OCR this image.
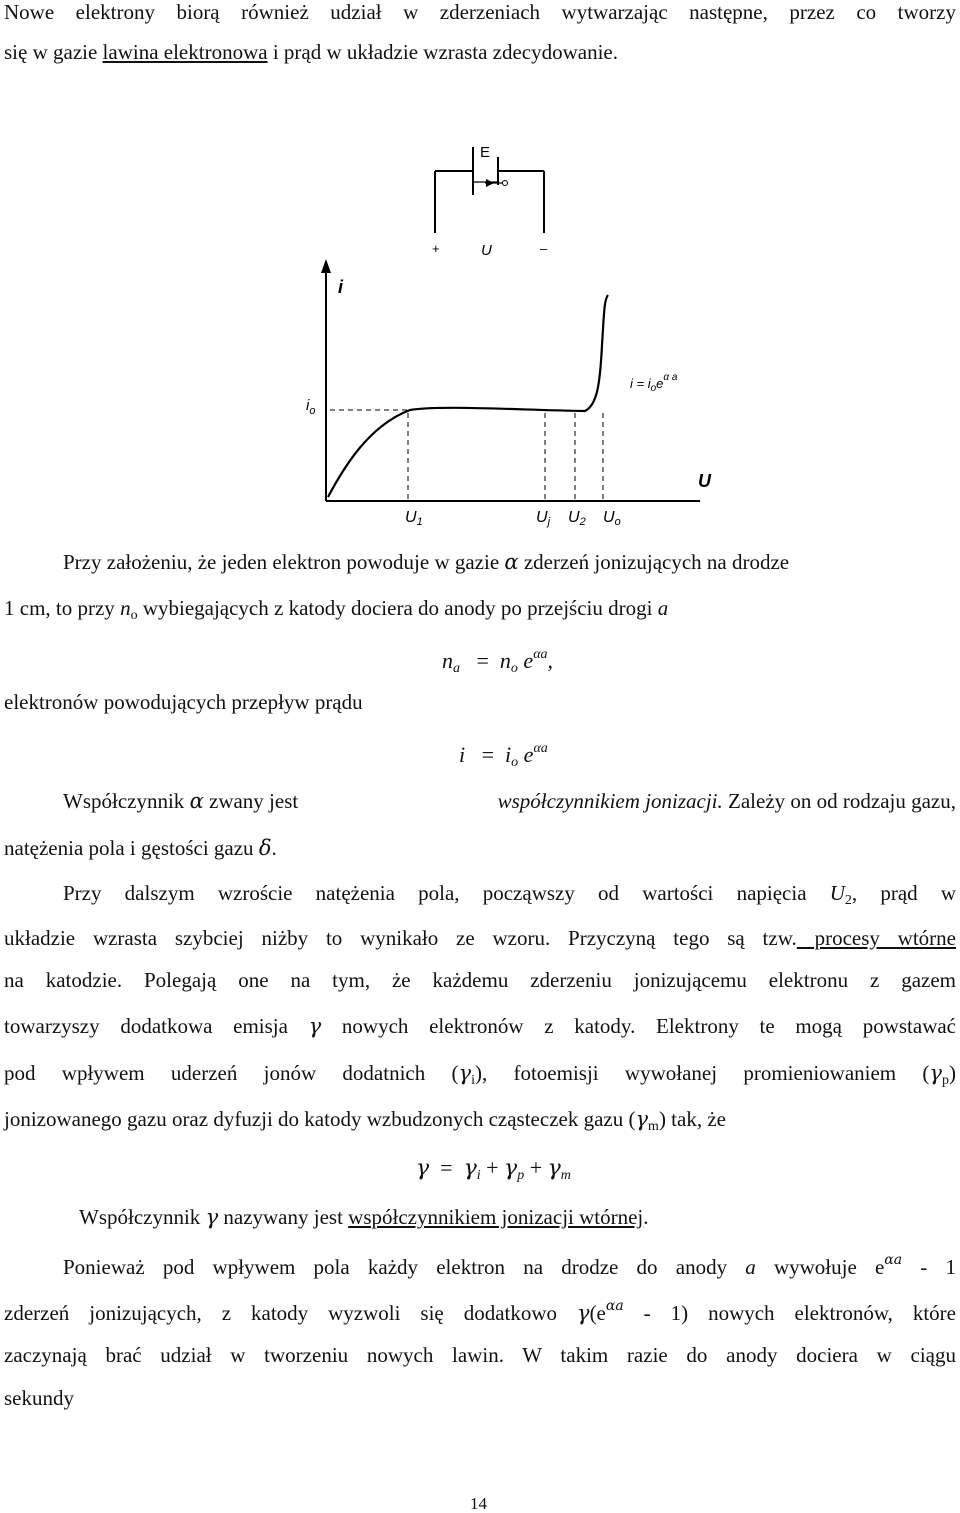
Nowe elektrony biorą również udział w zderzeniach wytwarzając następne, przez co tworzy
się w gazie lawina elektronowa i prąd w układzie wzrasta zdecydowanie.
E
+	U	–
i
U
$i_o$
$i = i_oe^{\alpha a}$
U1	Uj U2 Uo
Przy założeniu, że jeden elektron powoduje w gazie α zderzeń jonizujących na drodze
1 cm, to przy $n_o$ wybiegających z katody dociera do anody po przejściu drogi a
$n_a = n_o$ $e^{\alpha a}$,
elektronów powodujących przepływ prądu
$i = i_o$ $e^{\alpha a}$
Współczynnik α zwany jest	współczynnikiem jonizacji. Zależy on od rodzaju gazu,
natężenia pola i gęstości gazu δ.
Przy dalszym wzroście natężenia pola, począwszy od wartości napięcia $U_2$, prąd w
układzie wzrasta szybciej niżby to wynikało ze wzoru. Przyczyną tego są tzw. procesy wtórne
na katodzie. Polegają one na tym, że każdemu zderzeniu jonizującemu elektronu z gazem
towarzyszy dodatkowa emisja γ nowych elektronów z katody. Elektrony te mogą powstawać
pod wpływem uderzeń jonów dodatnich $(\gamma_i)$, fotoemisji wywołanej promieniowaniem $(\gamma_p)$
jonizowanego gazu oraz dyfuzji do katody wzbudzonych cząsteczek gazu $(\gamma_m)$ tak, że
$\gamma = \gamma_i + \gamma_p + \gamma_m$
Współczynnik γ nazywany jest współczynnikiem jonizacji wtórnej.
Ponieważ pod wpływem pola każdy elektron na drodze do anody a wywołuje $e^{\alpha a} - 1$
zderzeń jonizujących, z katody wyzwoli się dodatkowo $\gamma(e^{\alpha a} - 1)$ nowych elektronów, które
zaczynają brać udział w tworzeniu nowych lawin. W takim razie do anody dociera w ciągu
sekundy
14
